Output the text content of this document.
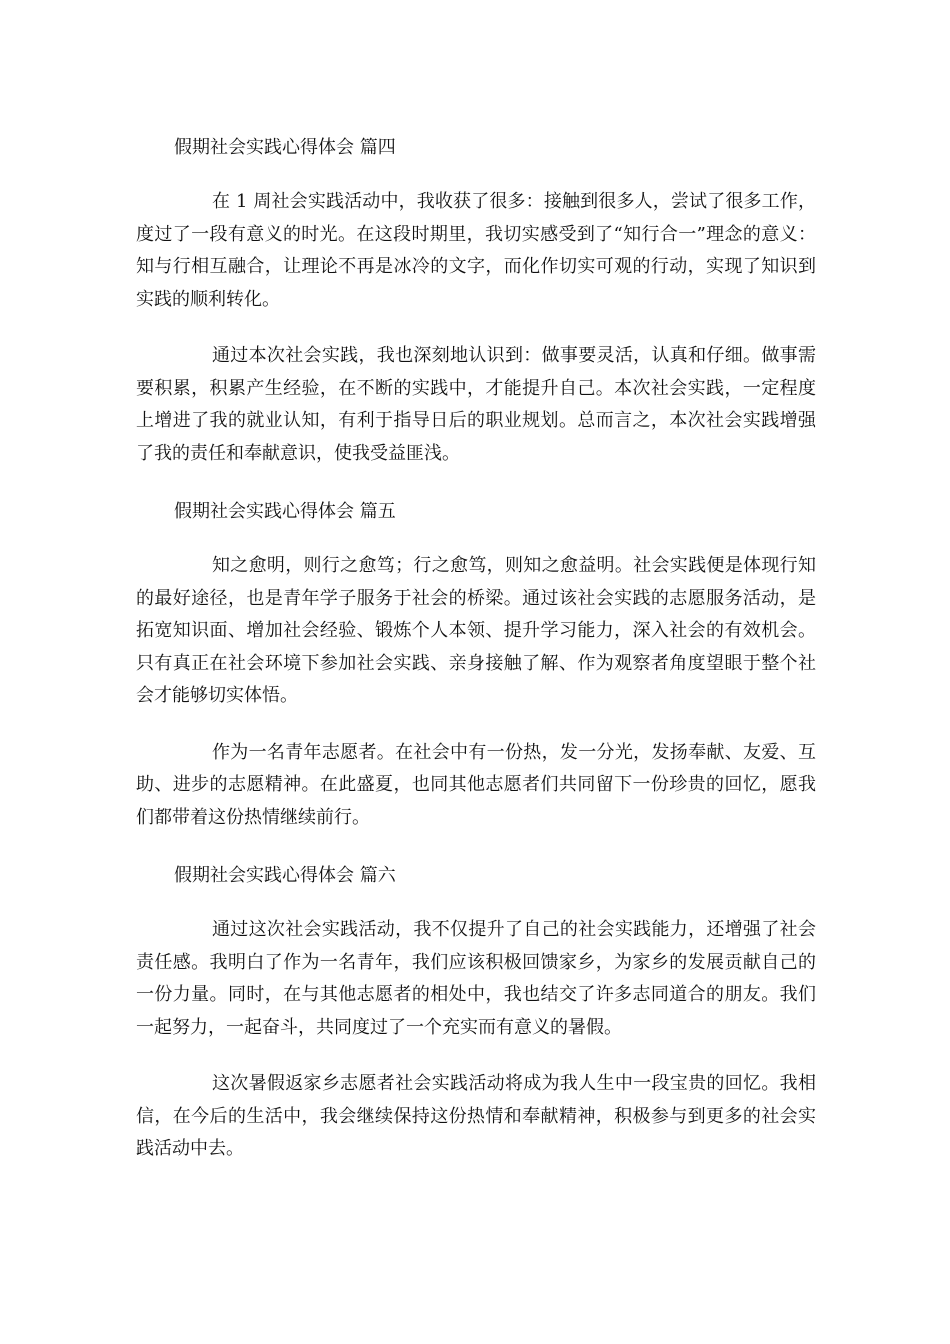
假期社会实践心得体会 篇四

在 1 周社会实践活动中，我收获了很多：接触到很多人，尝试了很多工作，度过了一段有意义的时光。在这段时期里，我切实感受到了“知行合一”理念的意义：知与行相互融合，让理论不再是冰冷的文字，而化作切实可观的行动，实现了知识到实践的顺利转化。

通过本次社会实践，我也深刻地认识到：做事要灵活，认真和仔细。做事需要积累，积累产生经验，在不断的实践中，才能提升自己。本次社会实践，一定程度上增进了我的就业认知，有利于指导日后的职业规划。总而言之，本次社会实践增强了我的责任和奉献意识，使我受益匪浅。

假期社会实践心得体会 篇五

知之愈明，则行之愈笃；行之愈笃，则知之愈益明。社会实践便是体现行知的最好途径，也是青年学子服务于社会的桥梁。通过该社会实践的志愿服务活动，是拓宽知识面、增加社会经验、锻炼个人本领、提升学习能力，深入社会的有效机会。只有真正在社会环境下参加社会实践、亲身接触了解、作为观察者角度望眼于整个社会才能够切实体悟。

作为一名青年志愿者。在社会中有一份热，发一分光，发扬奉献、友爱、互助、进步的志愿精神。在此盛夏，也同其他志愿者们共同留下一份珍贵的回忆，愿我们都带着这份热情继续前行。

假期社会实践心得体会 篇六

通过这次社会实践活动，我不仅提升了自己的社会实践能力，还增强了社会责任感。我明白了作为一名青年，我们应该积极回馈家乡，为家乡的发展贡献自己的一份力量。同时，在与其他志愿者的相处中，我也结交了许多志同道合的朋友。我们一起努力，一起奋斗，共同度过了一个充实而有意义的暑假。

这次暑假返家乡志愿者社会实践活动将成为我人生中一段宝贵的回忆。我相信，在今后的生活中，我会继续保持这份热情和奉献精神，积极参与到更多的社会实践活动中去。
